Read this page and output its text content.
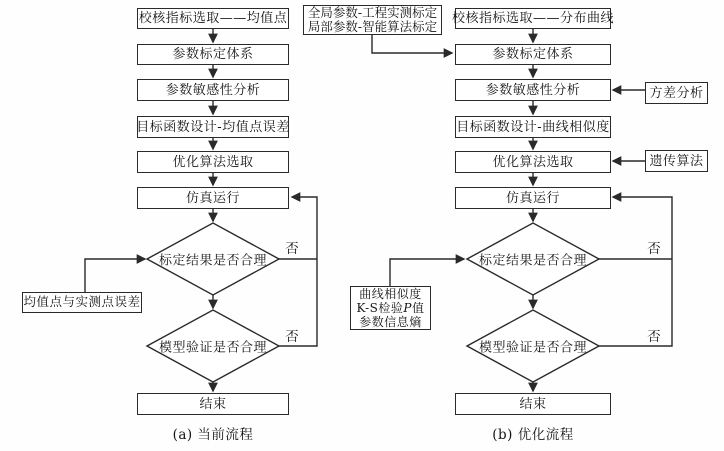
校核指标选取——均值点
参数标定体系
参数敏感性分析
目标函数设计-均值点误差
优化算法选取
仿真运行
标定结果是否合理
模型验证是否合理
结束
均值点与实测点误差
否
否
(a) 当前流程
全局参数-工程实测标定
局部参数-智能算法标定
校核指标选取——分布曲线
参数标定体系
参数敏感性分析
目标函数设计-曲线相似度
优化算法选取
仿真运行
标定结果是否合理
模型验证是否合理
结束
方差分析
遗传算法
曲线相似度
K-S检验P值
参数信息熵
否
否
(b) 优化流程
